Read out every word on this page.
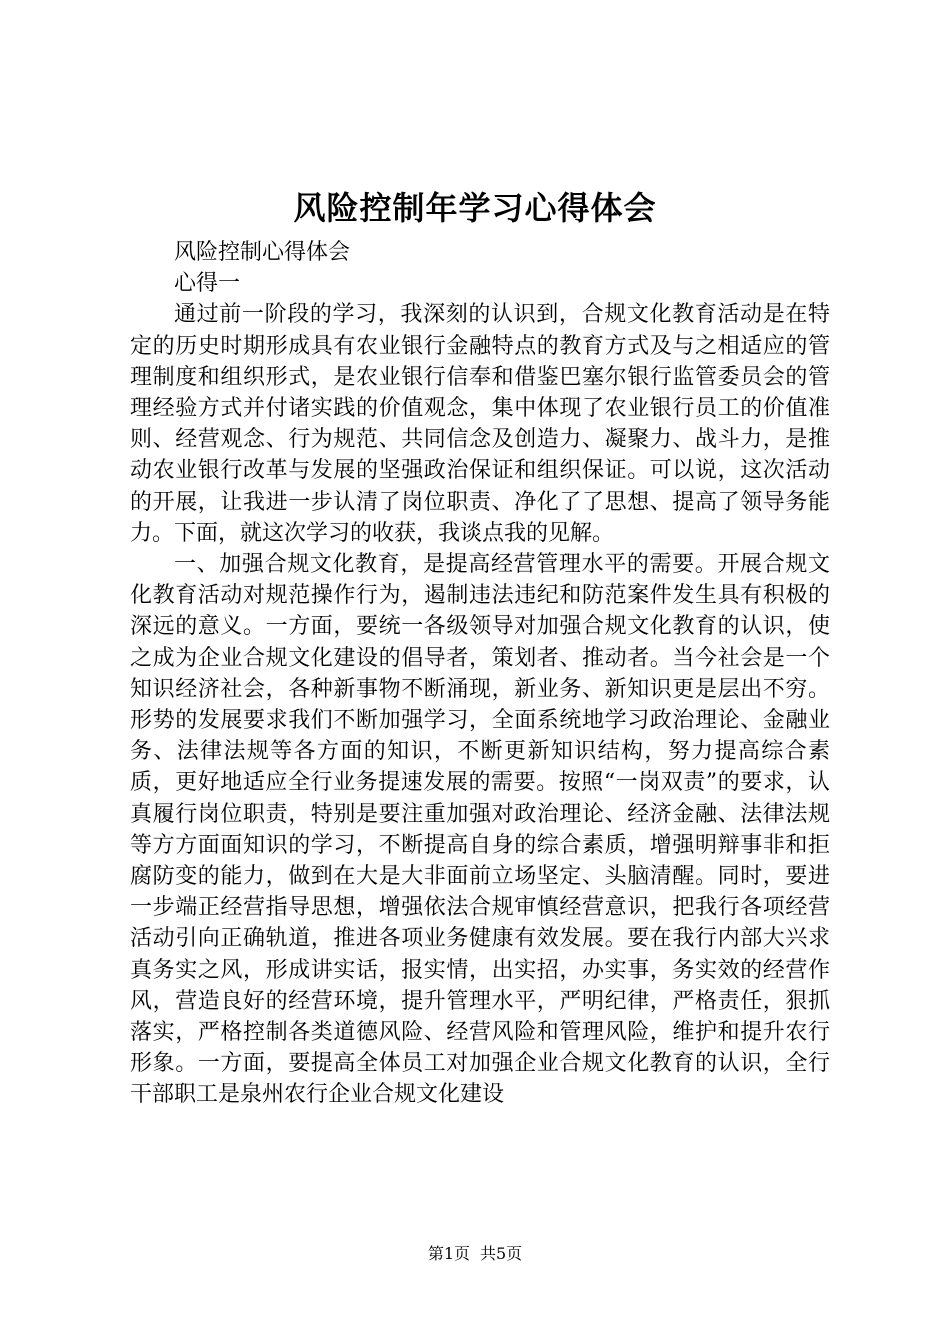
风险控制年学习心得体会

风险控制心得体会

心得一

通过前一阶段的学习，我深刻的认识到，合规文化教育活动是在特定的历史时期形成具有农业银行金融特点的教育方式及与之相适应的管理制度和组织形式，是农业银行信奉和借鉴巴塞尔银行监管委员会的管理经验方式并付诸实践的价值观念，集中体现了农业银行员工的价值准则、经营观念、行为规范、共同信念及创造力、凝聚力、战斗力，是推动农业银行改革与发展的坚强政治保证和组织保证。可以说，这次活动的开展，让我进一步认清了岗位职责、净化了了思想、提高了领导务能力。下面，就这次学习的收获，我谈点我的见解。

一、加强合规文化教育，是提高经营管理水平的需要。开展合规文化教育活动对规范操作行为，遏制违法违纪和防范案件发生具有积极的深远的意义。一方面，要统一各级领导对加强合规文化教育的认识，使之成为企业合规文化建设的倡导者，策划者、推动者。当今社会是一个知识经济社会，各种新事物不断涌现，新业务、新知识更是层出不穷。形势的发展要求我们不断加强学习，全面系统地学习政治理论、金融业务、法律法规等各方面的知识，不断更新知识结构，努力提高综合素质，更好地适应全行业务提速发展的需要。按照“一岗双责”的要求，认真履行岗位职责，特别是要注重加强对政治理论、经济金融、法律法规等方方面面知识的学习，不断提高自身的综合素质，增强明辩事非和拒腐防变的能力，做到在大是大非面前立场坚定、头脑清醒。同时，要进一步端正经营指导思想，增强依法合规审慎经营意识，把我行各项经营活动引向正确轨道，推进各项业务健康有效发展。要在我行内部大兴求真务实之风，形成讲实话，报实情，出实招，办实事，务实效的经营作风，营造良好的经营环境，提升管理水平，严明纪律，严格责任，狠抓落实，严格控制各类道德风险、经营风险和管理风险，维护和提升农行形象。一方面，要提高全体员工对加强企业合规文化教育的认识，全行干部职工是泉州农行企业合规文化建设

第1页 共5页
